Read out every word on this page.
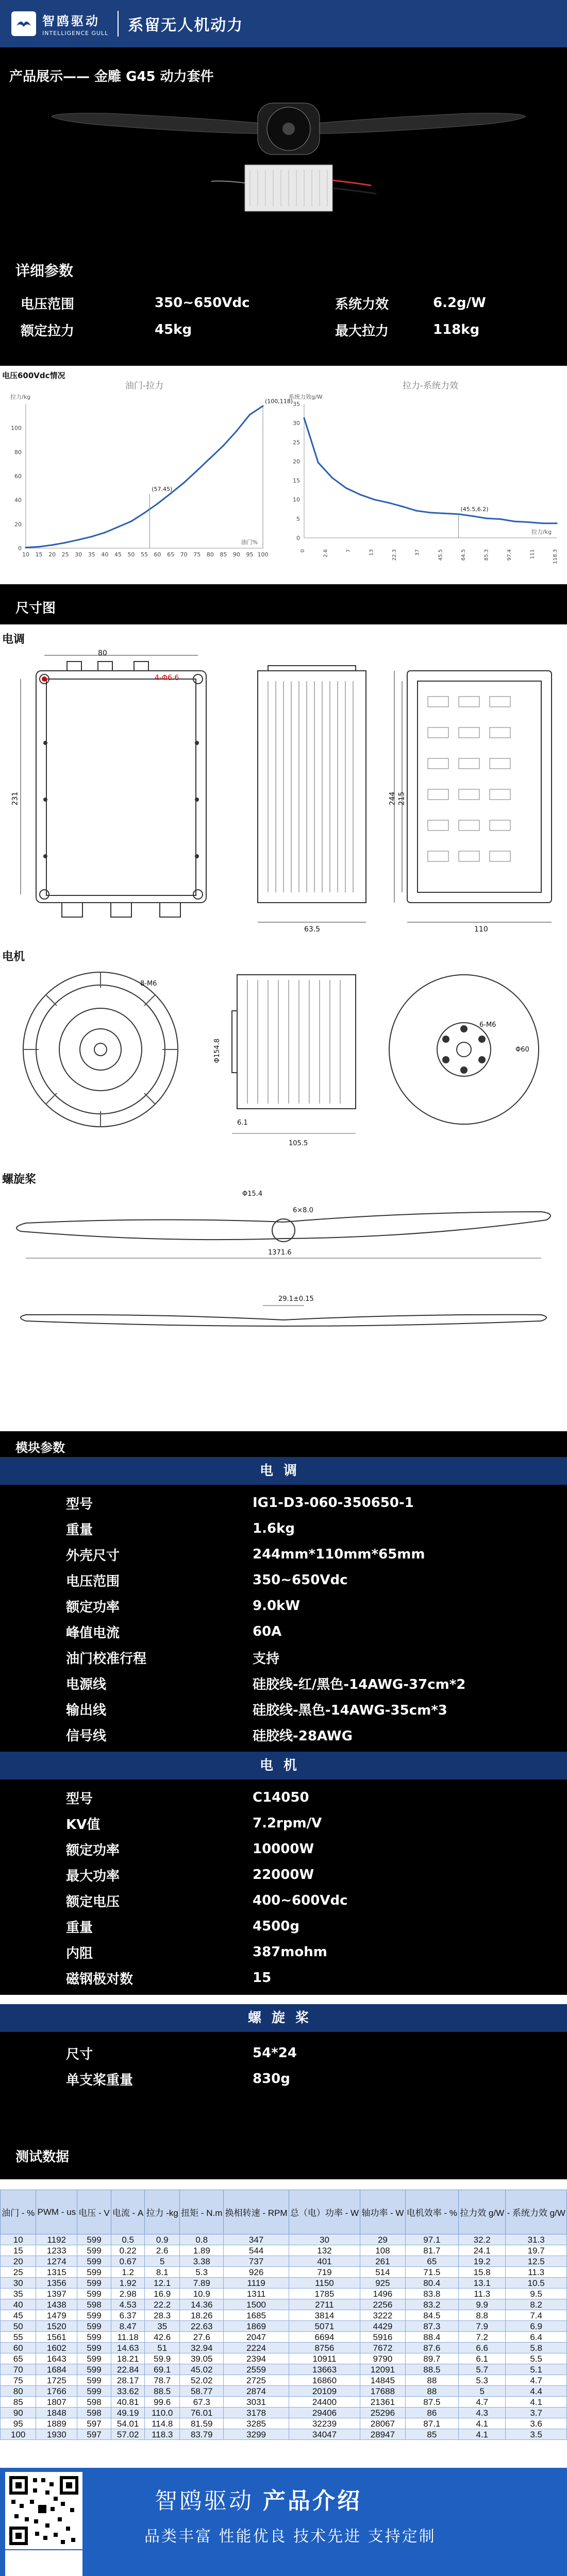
智鸥驱动
INTELLIGENCE GULL 系留无人机动力
产品展示—— 金雕 G45 动力套件
详细参数
电压范围	350~650Vdc	系统力效	6.2g/W
额定拉力	45kg	最大拉力	118kg
电压600Vdc情况
油门-拉力
拉力/kg
0
20
40
60
80
100
10 15 20 25 30 35 40 45 50 55 60 65 70 75 80 85 90 95 100
油门%
(57.45)
(100,118)
拉力-系统力效
系统力效g/W
0
5
10
15
20
25
30
35
0	2.6	7	13	22.3	37	45.5	64.5	85.3	97.4	111	118.3
拉力/kg
(45.5,6.2)
尺寸图
电调
80
4-Φ6.6
231
63.5
244 215
110
电机
8-M6
Φ154.8
6.1
105.5
6-M6
Φ60
螺旋桨
Φ15.4
6×8.0
1371.6
29.1±0.15
模块参数
电调
型号	IG1-D3-060-350650-1
重量	1.6kg
外壳尺寸	244mm*110mm*65mm
电压范围	350~650Vdc
额定功率	9.0kW
峰值电流	60A
油门校准行程	支持
电源线	硅胶线-红/黑色-14AWG-37cm*2
输出线	硅胶线-黑色-14AWG-35cm*3
信号线	硅胶线-28AWG
电机
型号	C14050
KV值	7.2rpm/V
额定功率	10000W
最大功率	22000W
额定电压	400~600Vdc
重量	4500g
内阻	387mohm
磁钢极对数	15
螺旋桨
尺寸	54*24
单支桨重量	830g
测试数据
油门 - %	PWM - us	电压 - V	电流 - A	拉力 -kg	扭矩 - N.m	换相转速 - RPM	总（电）功率 - W	轴功率 - W	电机效率 - %	拉力效 g/W	- 系统力效 g/W
10	1192	599	0.5	0.9	0.8	347	30	29	97.1	32.2	31.3
15	1233	599	0.22	2.6	1.89	544	132	108	81.7	24.1	19.7
20	1274	599	0.67	5	3.38	737	401	261	65	19.2	12.5
25	1315	599	1.2	8.1	5.3	926	719	514	71.5	15.8	11.3
30	1356	599	1.92	12.1	7.89	1119	1150	925	80.4	13.1	10.5
35	1397	599	2.98	16.9	10.9	1311	1785	1496	83.8	11.3	9.5
40	1438	598	4.53	22.2	14.36	1500	2711	2256	83.2	9.9	8.2
45	1479	599	6.37	28.3	18.26	1685	3814	3222	84.5	8.8	7.4
50	1520	599	8.47	35	22.63	1869	5071	4429	87.3	7.9	6.9
55	1561	599	11.18	42.6	27.6	2047	6694	5916	88.4	7.2	6.4
60	1602	599	14.63	51	32.94	2224	8756	7672	87.6	6.6	5.8
65	1643	599	18.21	59.9	39.05	2394	10911	9790	89.7	6.1	5.5
70	1684	599	22.84	69.1	45.02	2559	13663	12091	88.5	5.7	5.1
75	1725	599	28.17	78.7	52.02	2725	16860	14845	88	5.3	4.7
80	1766	599	33.62	88.5	58.77	2874	20109	17688	88	5	4.4
85	1807	598	40.81	99.6	67.3	3031	24400	21361	87.5	4.7	4.1
90	1848	598	49.19	110.0	76.01	3178	29406	25296	86	4.3	3.7
95	1889	597	54.01	114.8	81.59	3285	32239	28067	87.1	4.1	3.6
100	1930	597	57.02	118.3	83.79	3299	34047	28947	85	4.1	3.5
智鸥驱动 产品介绍
品类丰富 性能优良 技术先进 支持定制
